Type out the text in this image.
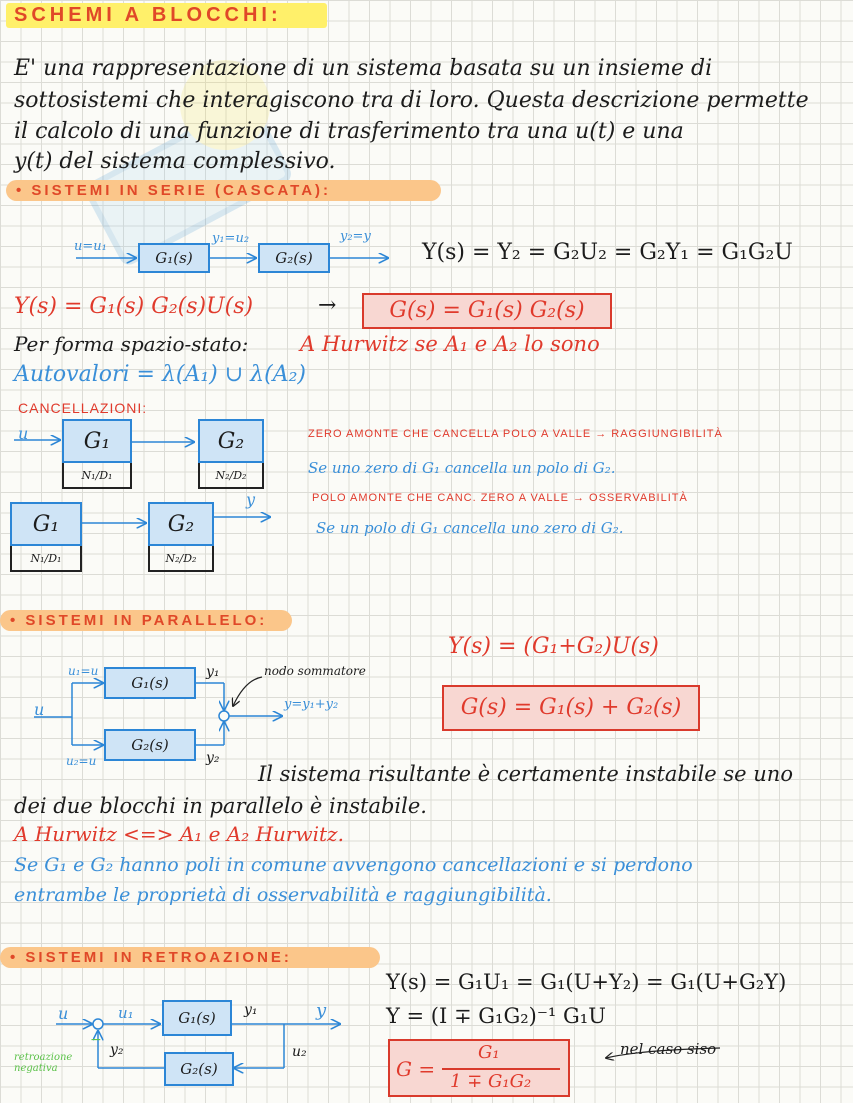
SCHEMI A BLOCCHI:
E' una rappresentazione di un sistema basata su un insieme di
sottosistemi che interagiscono tra di loro. Questa descrizione permette
il calcolo di una funzione di trasferimento tra una u(t) e una
y(t) del sistema complessivo.
• SISTEMI IN SERIE (CASCATA):
u=u₁
G₁(s)
y₁=u₂
G₂(s)
y₂=y
Y(s) = Y₂ = G₂U₂ = G₂Y₁ = G₁G₂U
Y(s) = G₁(s) G₂(s)U(s)	→	G(s) = G₁(s) G₂(s)
Per forma spazio-stato: A Hurwitz se A₁ e A₂ lo sono
Autovalori = λ(A₁) ∪ λ(A₂)
CANCELLAZIONI:
u	G₁
N₁/D₁
G₂
N₂/D₂
G₁
N₁/D₁
G₂
N₂/D₂
y
ZERO AMONTE CHE CANCELLA POLO A VALLE → RAGGIUNGIBILITÀ
Se uno zero di G₁ cancella un polo di G₂.
POLO AMONTE CHE CANC. ZERO A VALLE → OSSERVABILITÀ
Se un polo di G₁ cancella uno zero di G₂.
• SISTEMI IN PARALLELO:
Y(s) = (G₁+G₂)U(s)
G(s) = G₁(s) + G₂(s)
u
u₁=u
u₂=u
G₁(s)
G₂(s)
y₁
y₂
nodo sommatore
y=y₁+y₂
Il sistema risultante è certamente instabile se uno
dei due blocchi in parallelo è instabile.
A Hurwitz <=> A₁ e A₂ Hurwitz.
Se G₁ e G₂ hanno poli in comune avvengono cancellazioni e si perdono
entrambe le proprietà di osservabilità e raggiungibilità.
• SISTEMI IN RETROAZIONE:
Y(s) = G₁U₁ = G₁(U+Y₂) = G₁(U+G₂Y)
Y = (I ∓ G₁G₂)⁻¹ G₁U
G =
G₁
1 ∓ G₁G₂
nel caso siso
u	u₁	G₁(s)	y₁	y
y₂
G₂(s)
u₂
−
retroazione negativa
